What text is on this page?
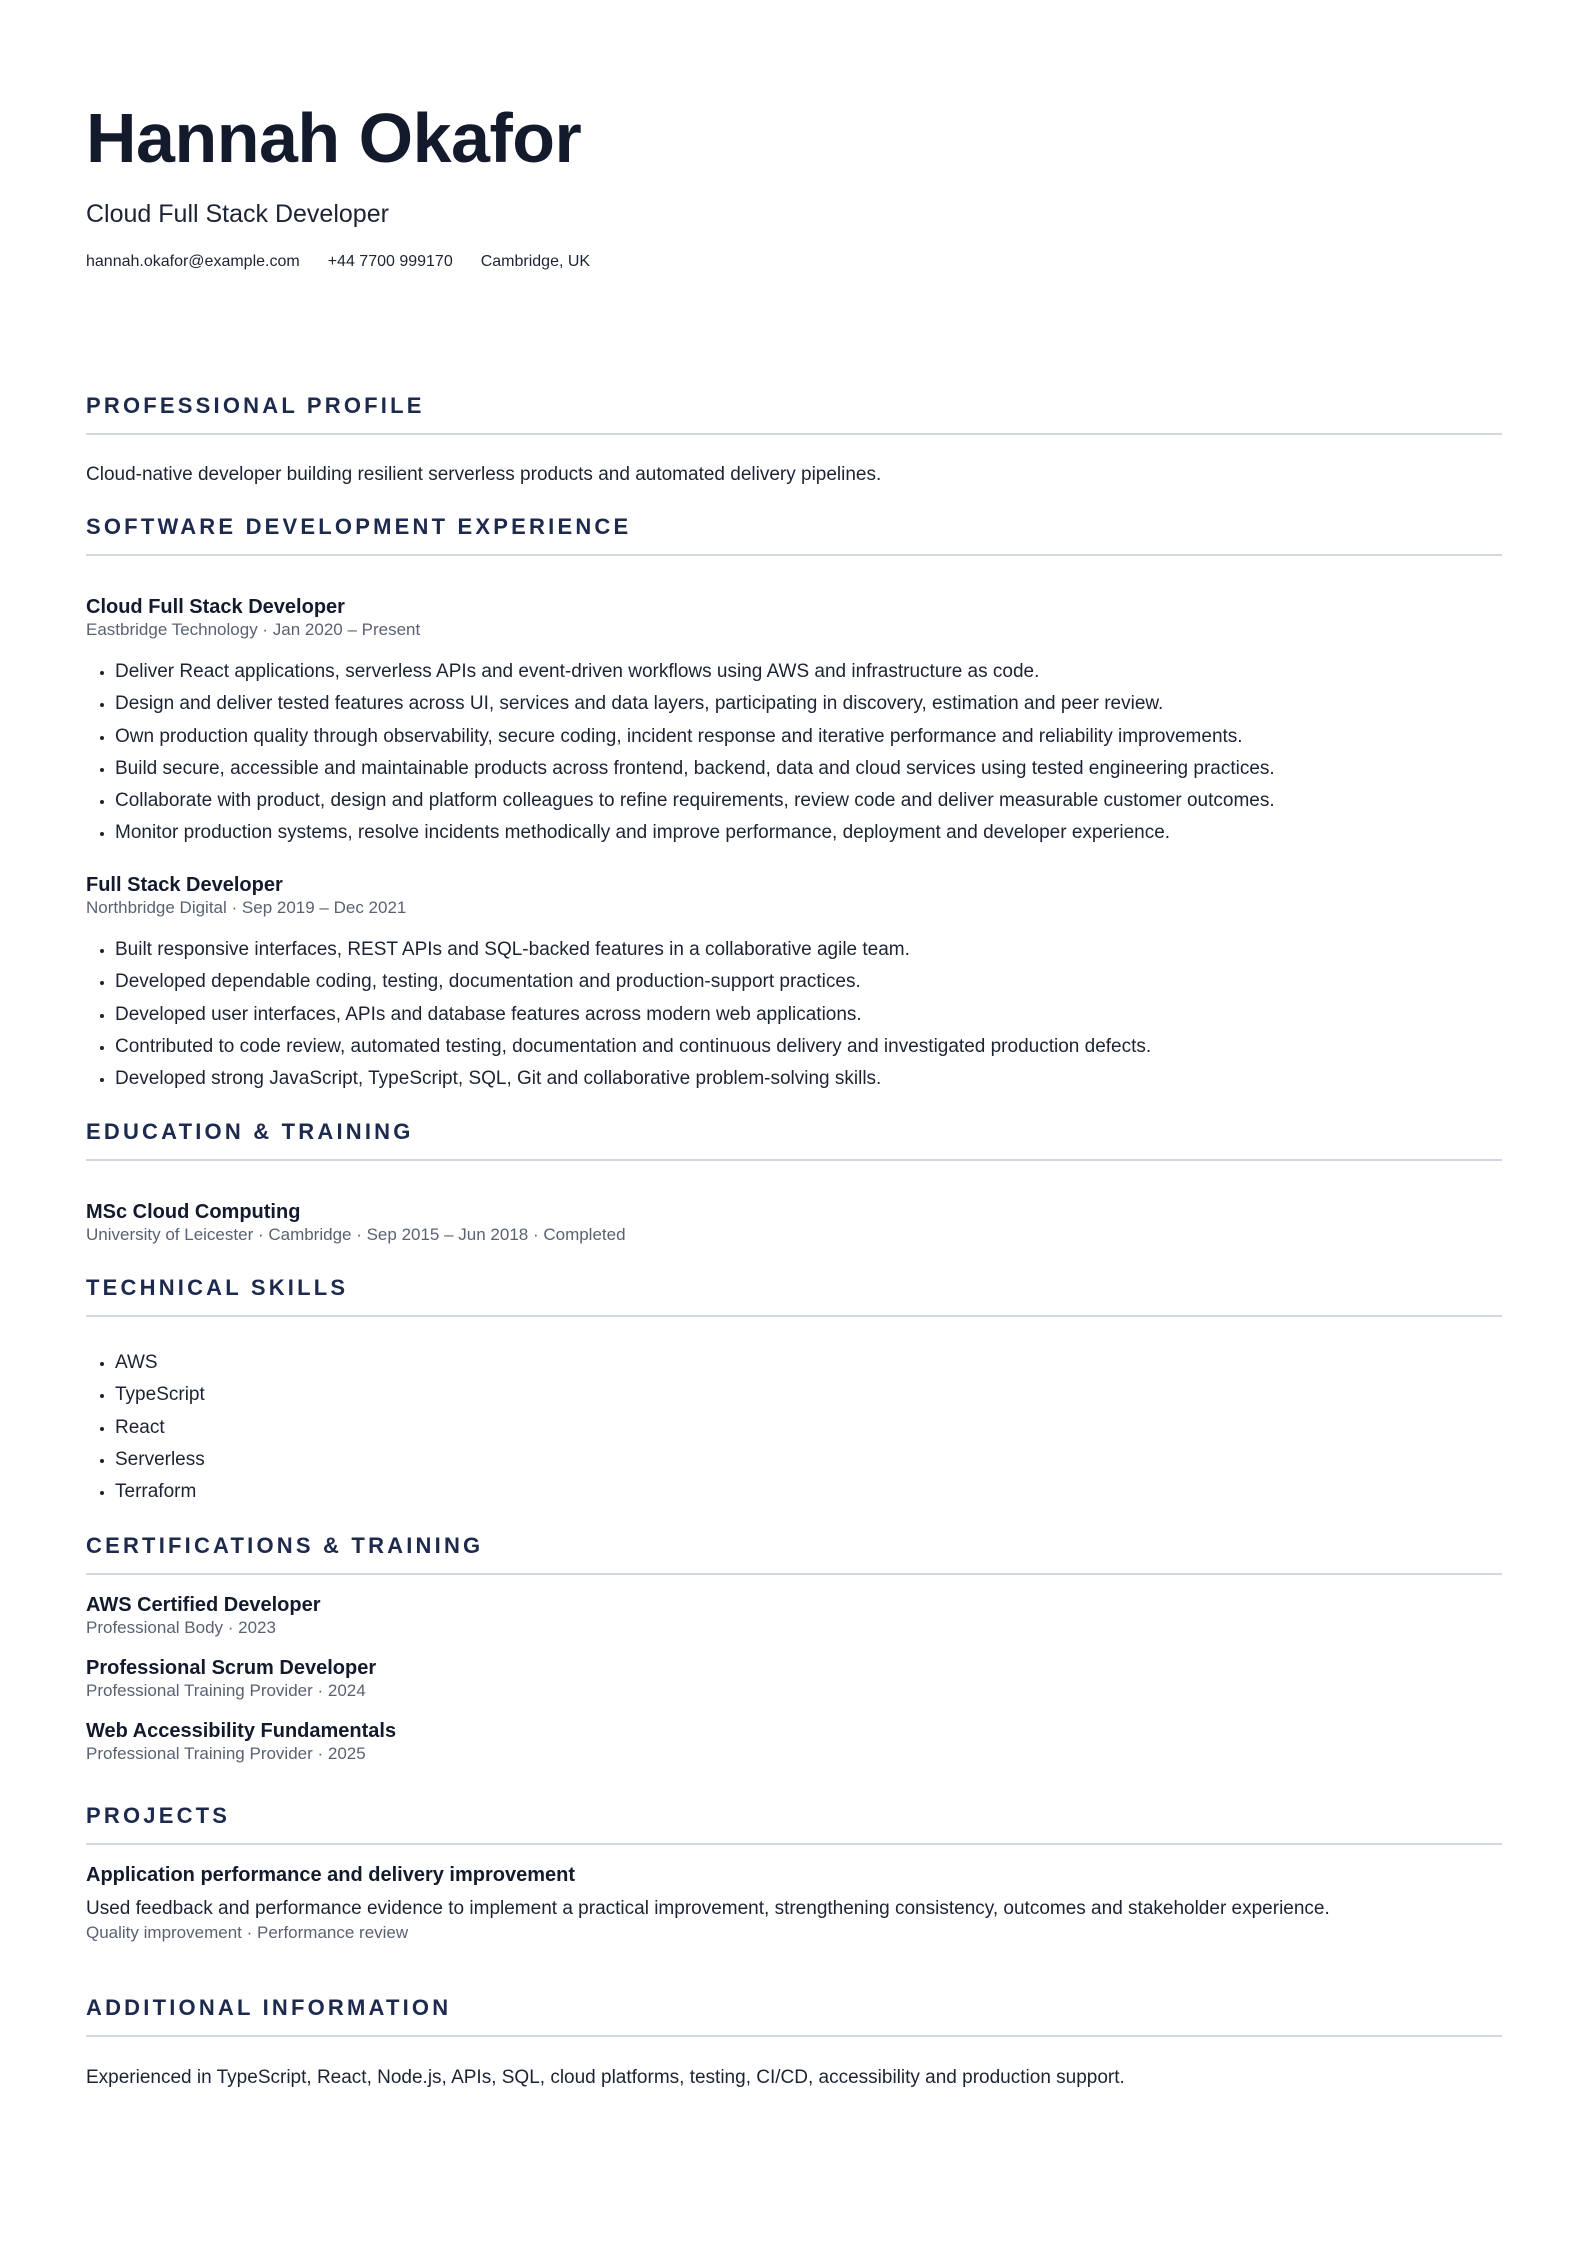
Hannah Okafor
Cloud Full Stack Developer
hannah.okafor@example.com +44 7700 999170 Cambridge, UK
PROFESSIONAL PROFILE
Cloud-native developer building resilient serverless products and automated delivery pipelines.
SOFTWARE DEVELOPMENT EXPERIENCE
Cloud Full Stack Developer
Eastbridge Technology · Jan 2020 – Present
• Deliver React applications, serverless APIs and event-driven workflows using AWS and infrastructure as code.
• Design and deliver tested features across UI, services and data layers, participating in discovery, estimation and peer review.
• Own production quality through observability, secure coding, incident response and iterative performance and reliability improvements.
• Build secure, accessible and maintainable products across frontend, backend, data and cloud services using tested engineering practices.
• Collaborate with product, design and platform colleagues to refine requirements, review code and deliver measurable customer outcomes.
• Monitor production systems, resolve incidents methodically and improve performance, deployment and developer experience.
Full Stack Developer
Northbridge Digital · Sep 2019 – Dec 2021
• Built responsive interfaces, REST APIs and SQL-backed features in a collaborative agile team.
• Developed dependable coding, testing, documentation and production-support practices.
• Developed user interfaces, APIs and database features across modern web applications.
• Contributed to code review, automated testing, documentation and continuous delivery and investigated production defects.
• Developed strong JavaScript, TypeScript, SQL, Git and collaborative problem-solving skills.
EDUCATION & TRAINING
MSc Cloud Computing
University of Leicester · Cambridge · Sep 2015 – Jun 2018 · Completed
TECHNICAL SKILLS
• AWS
• TypeScript
• React
• Serverless
• Terraform
CERTIFICATIONS & TRAINING
AWS Certified Developer
Professional Body · 2023
Professional Scrum Developer
Professional Training Provider · 2024
Web Accessibility Fundamentals
Professional Training Provider · 2025
PROJECTS
Application performance and delivery improvement
Used feedback and performance evidence to implement a practical improvement, strengthening consistency, outcomes and stakeholder experience.
Quality improvement · Performance review
ADDITIONAL INFORMATION
Experienced in TypeScript, React, Node.js, APIs, SQL, cloud platforms, testing, CI/CD, accessibility and production support.
